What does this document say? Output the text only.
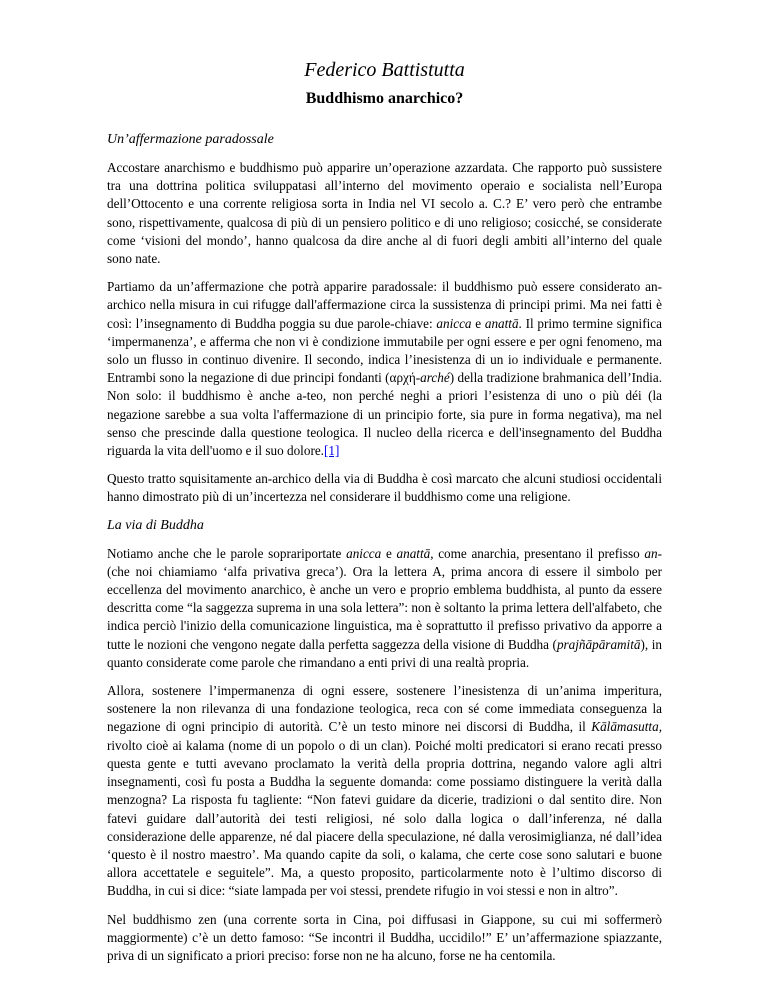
Federico Battistutta
Buddhismo anarchico?
Un’affermazione paradossale

Accostare anarchismo e buddhismo può apparire un’operazione azzardata. Che rapporto può sussistere tra una dottrina politica sviluppatasi all’interno del movimento operaio e socialista nell’Europa dell’Ottocento e una corrente religiosa sorta in India nel VI secolo a. C.? E’ vero però che entrambe sono, rispettivamente, qualcosa di più di un pensiero politico e di uno religioso; cosicché, se considerate come ‘visioni del mondo’, hanno qualcosa da dire anche al di fuori degli ambiti all’interno del quale sono nate.

Partiamo da un’affermazione che potrà apparire paradossale: il buddhismo può essere considerato an-archico nella misura in cui rifugge dall'affermazione circa la sussistenza di principi primi. Ma nei fatti è così: l’insegnamento di Buddha poggia su due parole-chiave: anicca e anattā. Il primo termine significa ‘impermanenza’, e afferma che non vi è condizione immutabile per ogni essere e per ogni fenomeno, ma solo un flusso in continuo divenire. Il secondo, indica l’inesistenza di un io individuale e permanente. Entrambi sono la negazione di due principi fondanti (αρχή-arché) della tradizione brahmanica dell’India. Non solo: il buddhismo è anche a-teo, non perché neghi a priori l’esistenza di uno o più déi (la negazione sarebbe a sua volta l'affermazione di un principio forte, sia pure in forma negativa), ma nel senso che prescinde dalla questione teologica. Il nucleo della ricerca e dell'insegnamento del Buddha riguarda la vita dell'uomo e il suo dolore.[1]

Questo tratto squisitamente an-archico della via di Buddha è così marcato che alcuni studiosi occidentali hanno dimostrato più di un’incertezza nel considerare il buddhismo come una religione.

La via di Buddha

Notiamo anche che le parole soprariportate anicca e anattā, come anarchia, presentano il prefisso an- (che noi chiamiamo ‘alfa privativa greca’). Ora la lettera A, prima ancora di essere il simbolo per eccellenza del movimento anarchico, è anche un vero e proprio emblema buddhista, al punto da essere descritta come “la saggezza suprema in una sola lettera”: non è soltanto la prima lettera dell'alfabeto, che indica perciò l'inizio della comunicazione linguistica, ma è soprattutto il prefisso privativo da apporre a tutte le nozioni che vengono negate dalla perfetta saggezza della visione di Buddha (prajñāpāramitā), in quanto considerate come parole che rimandano a enti privi di una realtà propria.

Allora, sostenere l’impermanenza di ogni essere, sostenere l’inesistenza di un’anima imperitura, sostenere la non rilevanza di una fondazione teologica, reca con sé come immediata conseguenza la negazione di ogni principio di autorità. C’è un testo minore nei discorsi di Buddha, il Kālāmasutta, rivolto cioè ai kalama (nome di un popolo o di un clan). Poiché molti predicatori si erano recati presso questa gente e tutti avevano proclamato la verità della propria dottrina, negando valore agli altri insegnamenti, così fu posta a Buddha la seguente domanda: come possiamo distinguere la verità dalla menzogna? La risposta fu tagliente: “Non fatevi guidare da dicerie, tradizioni o dal sentito dire. Non fatevi guidare dall’autorità dei testi religiosi, né solo dalla logica o dall’inferenza, né dalla considerazione delle apparenze, né dal piacere della speculazione, né dalla verosimiglianza, né dall’idea ‘questo è il nostro maestro’. Ma quando capite da soli, o kalama, che certe cose sono salutari e buone allora accettatele e seguitele”. Ma, a questo proposito, particolarmente noto è l’ultimo discorso di Buddha, in cui si dice: “siate lampada per voi stessi, prendete rifugio in voi stessi e non in altro”.

Nel buddhismo zen (una corrente sorta in Cina, poi diffusasi in Giappone, su cui mi soffermerò maggiormente) c’è un detto famoso: “Se incontri il Buddha, uccidilo!” E’ un’affermazione spiazzante, priva di un significato a priori preciso: forse non ne ha alcuno, forse ne ha centomila.
